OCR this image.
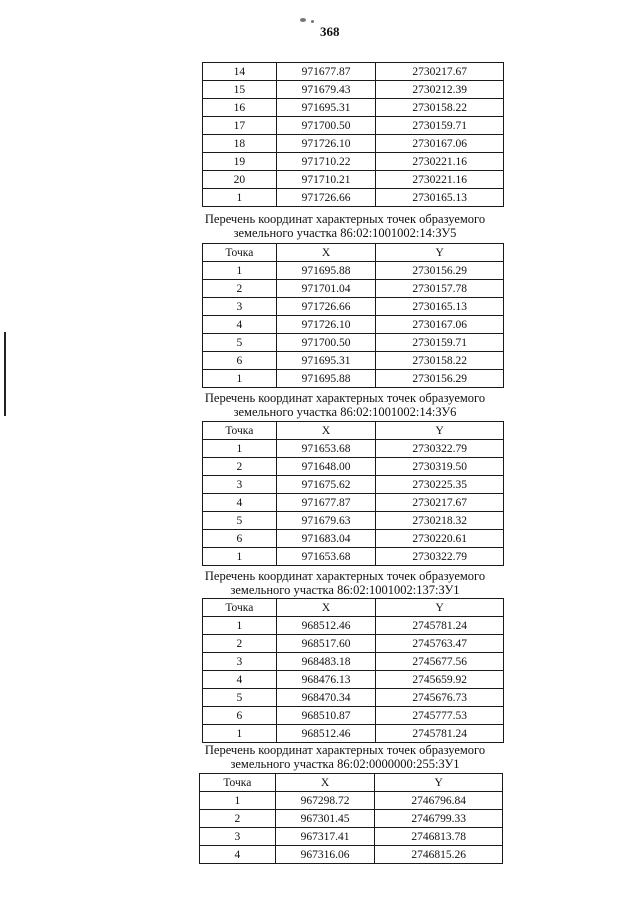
368
14	971677.87	2730217.67
15	971679.43	2730212.39
16	971695.31	2730158.22
17	971700.50	2730159.71
18	971726.10	2730167.06
19	971710.22	2730221.16
20	971710.21	2730221.16
1	971726.66	2730165.13
Перечень координат характерных точек образуемого
земельного участка 86:02:1001002:14:ЗУ5
Точка	X	Y
1	971695.88	2730156.29
2	971701.04	2730157.78
3	971726.66	2730165.13
4	971726.10	2730167.06
5	971700.50	2730159.71
6	971695.31	2730158.22
1	971695.88	2730156.29
Перечень координат характерных точек образуемого
земельного участка 86:02:1001002:14:ЗУ6
Точка	X	Y
1	971653.68	2730322.79
2	971648.00	2730319.50
3	971675.62	2730225.35
4	971677.87	2730217.67
5	971679.63	2730218.32
6	971683.04	2730220.61
1	971653.68	2730322.79
Перечень координат характерных точек образуемого
земельного участка 86:02:1001002:137:ЗУ1
Точка	X	Y
1	968512.46	2745781.24
2	968517.60	2745763.47
3	968483.18	2745677.56
4	968476.13	2745659.92
5	968470.34	2745676.73
6	968510.87	2745777.53
1	968512.46	2745781.24
Перечень координат характерных точек образуемого
земельного участка 86:02:0000000:255:ЗУ1
Точка	X	Y
1	967298.72	2746796.84
2	967301.45	2746799.33
3	967317.41	2746813.78
4	967316.06	2746815.26
